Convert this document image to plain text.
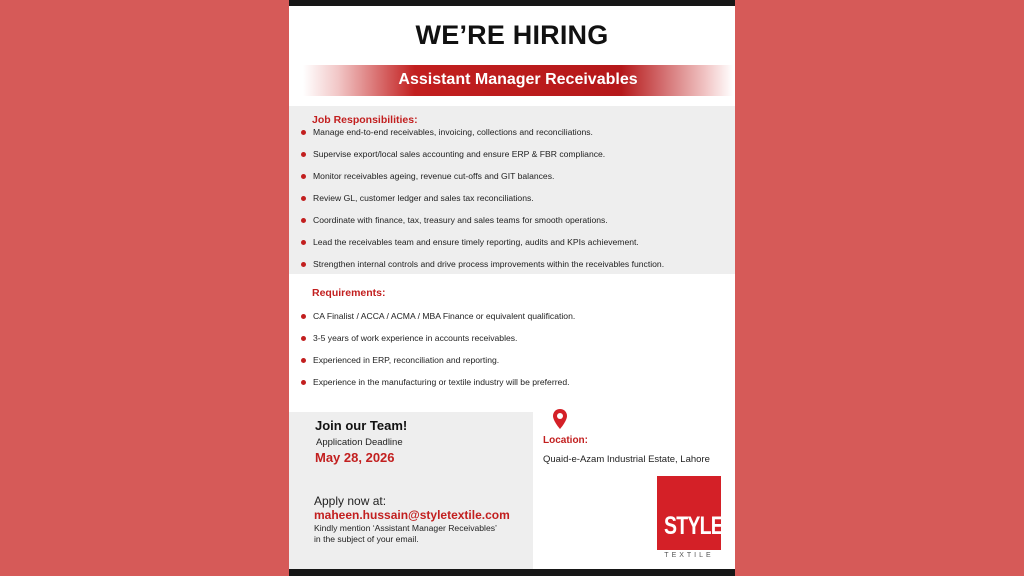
WE’RE HIRING
Assistant Manager Receivables
Job Responsibilities:
Manage end-to-end receivables, invoicing, collections and reconciliations.
Supervise export/local sales accounting and ensure ERP & FBR compliance.
Monitor receivables ageing, revenue cut-offs and GIT balances.
Review GL, customer ledger and sales tax reconciliations.
Coordinate with finance, tax, treasury and sales teams for smooth operations.
Lead the receivables team and ensure timely reporting, audits and KPIs achievement.
Strengthen internal controls and drive process improvements within the receivables function.
Requirements:
CA Finalist / ACCA / ACMA / MBA Finance or equivalent qualification.
3-5 years of work experience in accounts receivables.
Experienced in ERP, reconciliation and reporting.
Experience in the manufacturing or textile industry will be preferred.
Join our Team!
Application Deadline
May 28, 2026
Location:
Quaid-e-Azam Industrial Estate, Lahore
Apply now at:
maheen.hussain@styletextile.com
Kindly mention ‘Assistant Manager Receivables’
in the subject of your email.	STYLE
TEXTILE
